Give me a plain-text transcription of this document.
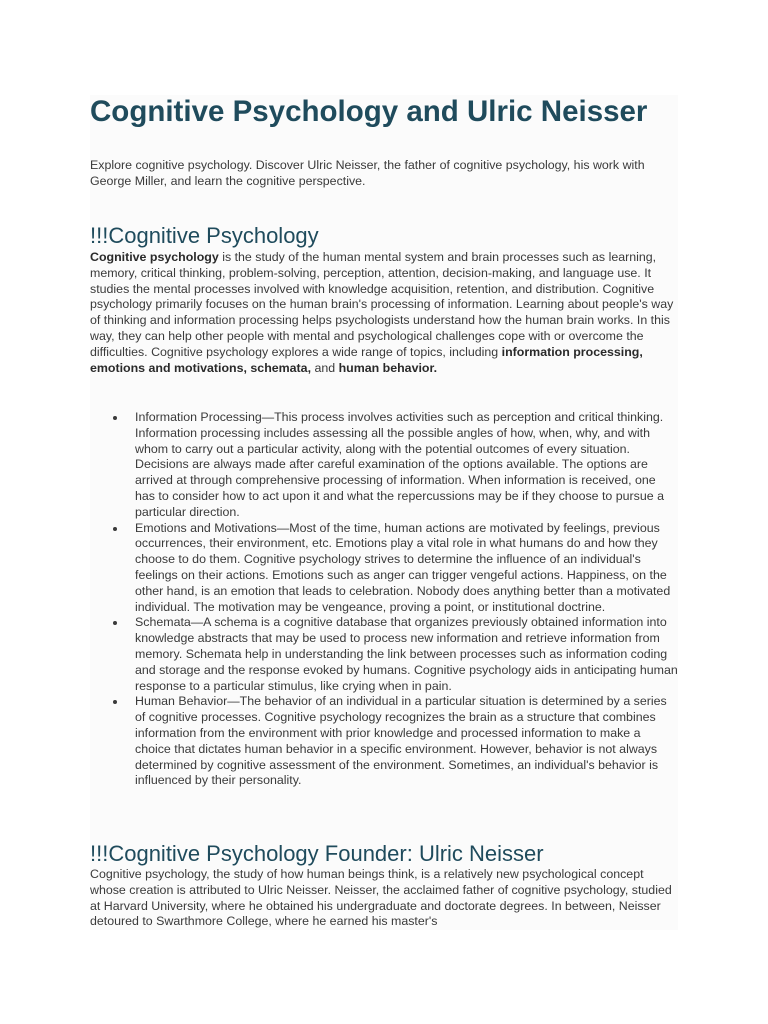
Cognitive Psychology and Ulric Neisser

Explore cognitive psychology. Discover Ulric Neisser, the father of cognitive psychology, his work with George Miller, and learn the cognitive perspective.

!!!Cognitive Psychology

Cognitive psychology is the study of the human mental system and brain processes such as learning, memory, critical thinking, problem-solving, perception, attention, decision-making, and language use. It studies the mental processes involved with knowledge acquisition, retention, and distribution. Cognitive psychology primarily focuses on the human brain's processing of information. Learning about people's way of thinking and information processing helps psychologists understand how the human brain works. In this way, they can help other people with mental and psychological challenges cope with or overcome the difficulties. Cognitive psychology explores a wide range of topics, including information processing, emotions and motivations, schemata, and human behavior.

Information Processing—This process involves activities such as perception and critical thinking. Information processing includes assessing all the possible angles of how, when, why, and with whom to carry out a particular activity, along with the potential outcomes of every situation. Decisions are always made after careful examination of the options available. The options are arrived at through comprehensive processing of information. When information is received, one has to consider how to act upon it and what the repercussions may be if they choose to pursue a particular direction.
Emotions and Motivations—Most of the time, human actions are motivated by feelings, previous occurrences, their environment, etc. Emotions play a vital role in what humans do and how they choose to do them. Cognitive psychology strives to determine the influence of an individual's feelings on their actions. Emotions such as anger can trigger vengeful actions. Happiness, on the other hand, is an emotion that leads to celebration. Nobody does anything better than a motivated individual. The motivation may be vengeance, proving a point, or institutional doctrine.
Schemata—A schema is a cognitive database that organizes previously obtained information into knowledge abstracts that may be used to process new information and retrieve information from memory. Schemata help in understanding the link between processes such as information coding and storage and the response evoked by humans. Cognitive psychology aids in anticipating human response to a particular stimulus, like crying when in pain.
Human Behavior—The behavior of an individual in a particular situation is determined by a series of cognitive processes. Cognitive psychology recognizes the brain as a structure that combines information from the environment with prior knowledge and processed information to make a choice that dictates human behavior in a specific environment. However, behavior is not always determined by cognitive assessment of the environment. Sometimes, an individual's behavior is influenced by their personality.
!!!Cognitive Psychology Founder: Ulric Neisser

Cognitive psychology, the study of how human beings think, is a relatively new psychological concept whose creation is attributed to Ulric Neisser. Neisser, the acclaimed father of cognitive psychology, studied at Harvard University, where he obtained his undergraduate and doctorate degrees. In between, Neisser detoured to Swarthmore College, where he earned his master's
